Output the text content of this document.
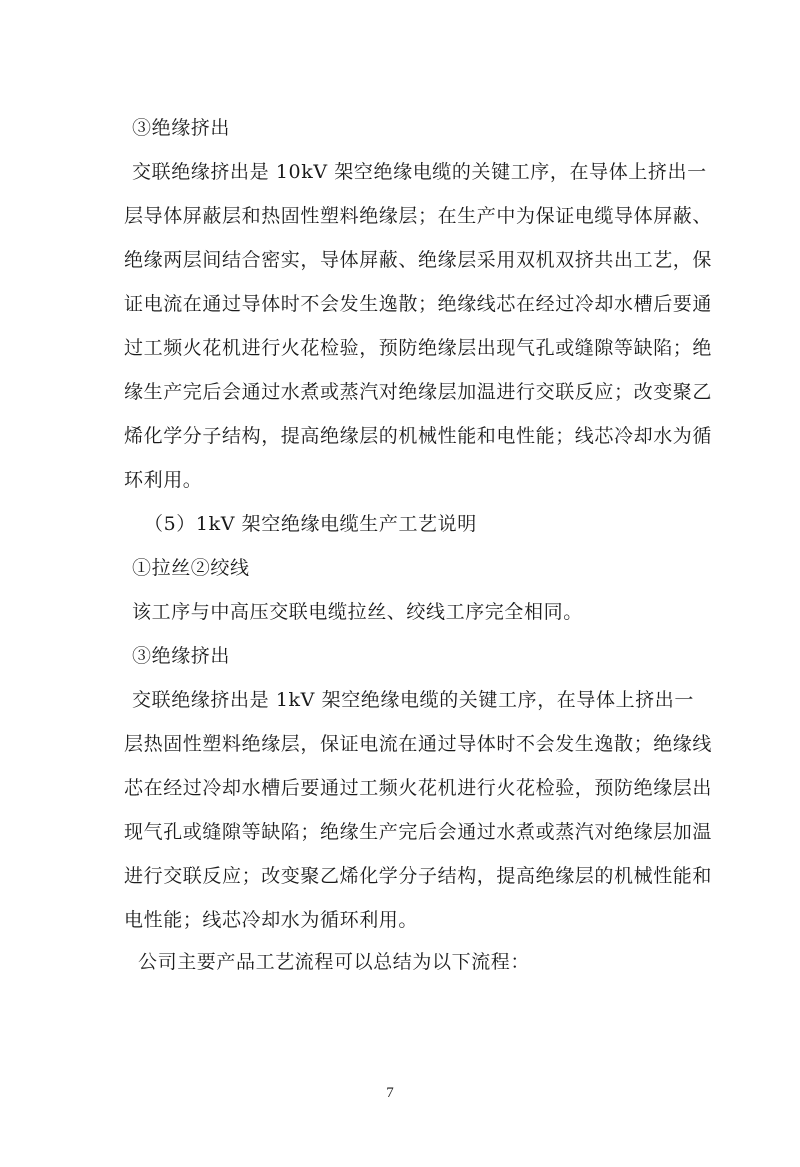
③绝缘挤出
交联绝缘挤出是 10kV 架空绝缘电缆的关键工序，在导体上挤出一
层导体屏蔽层和热固性塑料绝缘层；在生产中为保证电缆导体屏蔽、
绝缘两层间结合密实，导体屏蔽、绝缘层采用双机双挤共出工艺，保
证电流在通过导体时不会发生逸散；绝缘线芯在经过冷却水槽后要通
过工频火花机进行火花检验，预防绝缘层出现气孔或缝隙等缺陷；绝
缘生产完后会通过水煮或蒸汽对绝缘层加温进行交联反应；改变聚乙
烯化学分子结构，提高绝缘层的机械性能和电性能；线芯冷却水为循
环利用。
（5）1kV 架空绝缘电缆生产工艺说明
①拉丝②绞线
该工序与中高压交联电缆拉丝、绞线工序完全相同。
③绝缘挤出
交联绝缘挤出是 1kV 架空绝缘电缆的关键工序，在导体上挤出一
层热固性塑料绝缘层，保证电流在通过导体时不会发生逸散；绝缘线
芯在经过冷却水槽后要通过工频火花机进行火花检验，预防绝缘层出
现气孔或缝隙等缺陷；绝缘生产完后会通过水煮或蒸汽对绝缘层加温
进行交联反应；改变聚乙烯化学分子结构，提高绝缘层的机械性能和
电性能；线芯冷却水为循环利用。
公司主要产品工艺流程可以总结为以下流程：
7
